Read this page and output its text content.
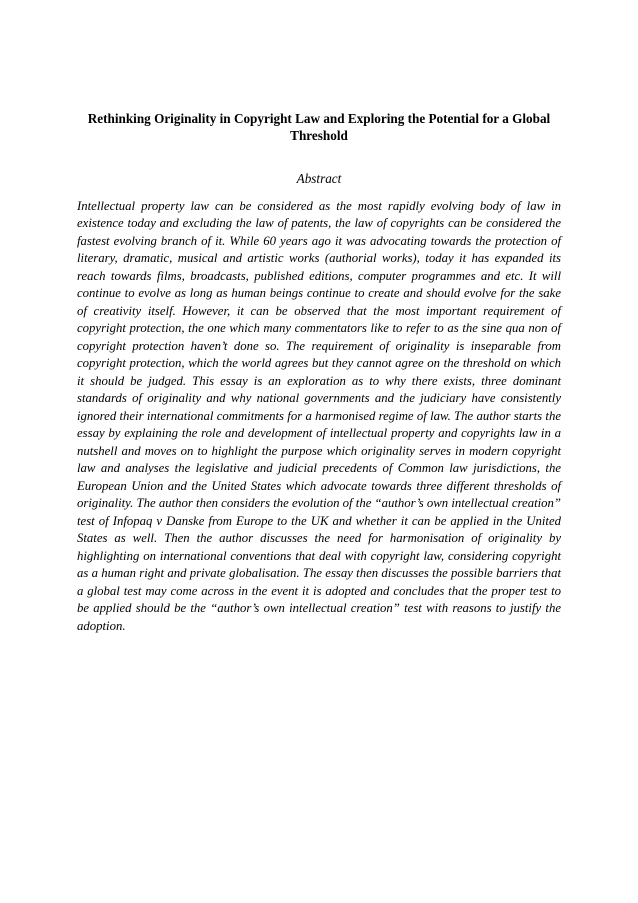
Rethinking Originality in Copyright Law and Exploring the Potential for a Global Threshold
Abstract

Intellectual property law can be considered as the most rapidly evolving body of law in existence today and excluding the law of patents, the law of copyrights can be considered the fastest evolving branch of it. While 60 years ago it was advocating towards the protection of literary, dramatic, musical and artistic works (authorial works), today it has expanded its reach towards films, broadcasts, published editions, computer programmes and etc. It will continue to evolve as long as human beings continue to create and should evolve for the sake of creativity itself. However, it can be observed that the most important requirement of copyright protection, the one which many commentators like to refer to as the sine qua non of copyright protection haven’t done so. The requirement of originality is inseparable from copyright protection, which the world agrees but they cannot agree on the threshold on which it should be judged. This essay is an exploration as to why there exists, three dominant standards of originality and why national governments and the judiciary have consistently ignored their international commitments for a harmonised regime of law. The author starts the essay by explaining the role and development of intellectual property and copyrights law in a nutshell and moves on to highlight the purpose which originality serves in modern copyright law and analyses the legislative and judicial precedents of Common law jurisdictions, the European Union and the United States which advocate towards three different thresholds of originality. The author then considers the evolution of the “author’s own intellectual creation” test of Infopaq v Danske from Europe to the UK and whether it can be applied in the United States as well. Then the author discusses the need for harmonisation of originality by highlighting on international conventions that deal with copyright law, considering copyright as a human right and private globalisation. The essay then discusses the possible barriers that a global test may come across in the event it is adopted and concludes that the proper test to be applied should be the “author’s own intellectual creation” test with reasons to justify the adoption.
